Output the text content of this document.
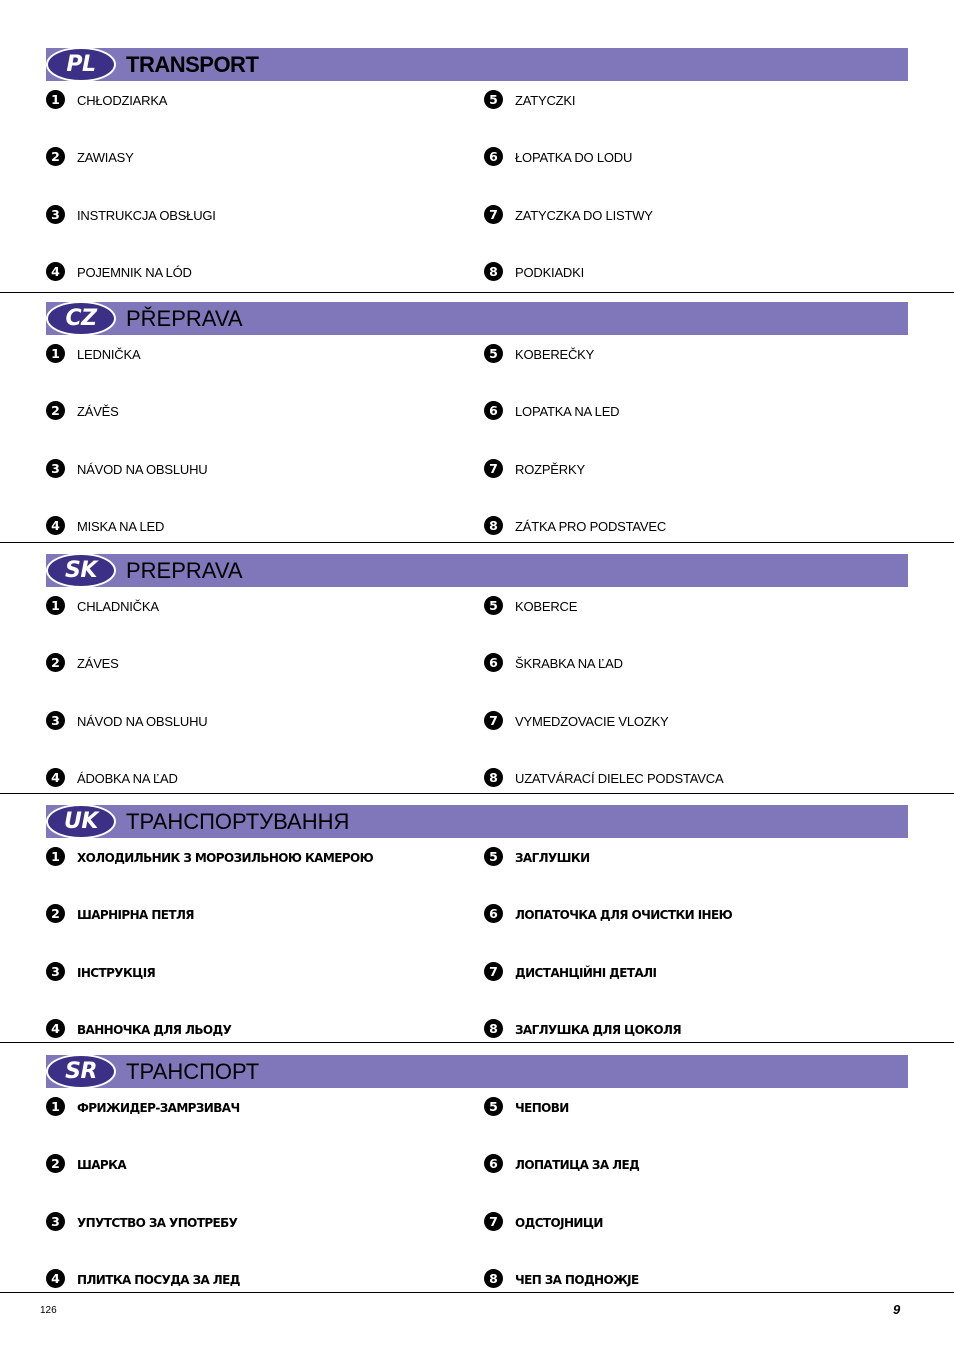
PL	TRANSPORT
1	CHŁODZIARKA
2	ZAWIASY
3	INSTRUKCJA OBSŁUGI
4	POJEMNIK NA LÓD
5	ZATYCZKI
6	ŁOPATKA DO LODU
7	ZATYCZKA DO LISTWY
8	PODKIADKI
CZ	PŘEPRAVA
1	LEDNIČKA
2	ZÁVĚS
3	NÁVOD NA OBSLUHU
4	MISKA NA LED
5	KOBEREČKY
6	LOPATKA NA LED
7	ROZPĚRKY
8	ZÁTKA PRO PODSTAVEC
SK	PREPRAVA
1	CHLADNIČKA
2	ZÁVES
3	NÁVOD NA OBSLUHU
4	ÁDOBKA NA ĽAD
5	KOBERCE
6	ŠKRABKA NA ĽAD
7	VYMEDZOVACIE VLOZKY
8	UZATVÁRACÍ DIELEC PODSTAVCA
UK	ТРАНСПОРТУВАННЯ
1	ХОЛОДИЛЬНИК З МОРОЗИЛЬНОЮ КАМЕРОЮ
2	ШАРНІРНА ПЕТЛЯ
3	ІНСТРУКЦІЯ
4	ВАННОЧКА ДЛЯ ЛЬОДУ
5	ЗАГЛУШКИ
6	ЛОПАТОЧКА ДЛЯ ОЧИСТКИ ІНЕЮ
7	ДИСТАНЦІЙНІ ДЕТАЛІ
8	ЗАГЛУШКА ДЛЯ ЦОКОЛЯ
SR	ТРАНСПОРТ
1	ФРИЖИДЕР-ЗАМРЗИВАЧ
2	ШАРКА
3	УПУТСТВО ЗА УПОТРЕБУ
4	ПЛИТКА ПОСУДА ЗА ЛЕД
5	ЧЕПОВИ
6	ЛОПАТИЦА ЗА ЛЕД
7	ОДСТОЈНИЦИ
8	ЧЕП ЗА ПОДНОЖЈЕ
126	9
